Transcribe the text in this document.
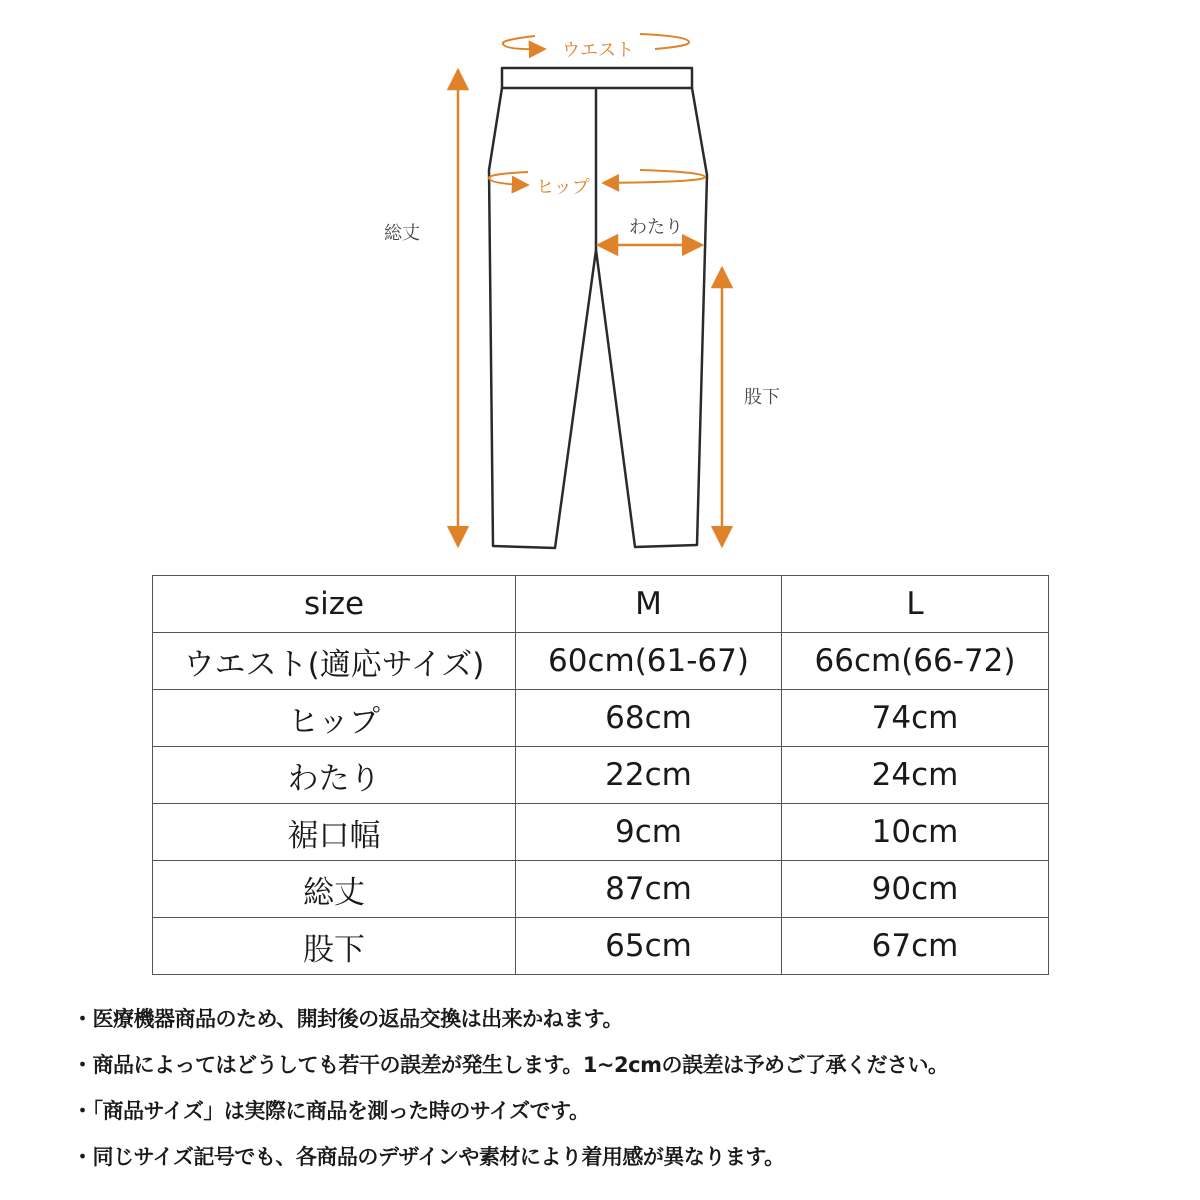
ウエスト
ヒップ
わたり
総丈
股下
size	M	L
ウエスト(適応サイズ)	60cm(61-67)	66cm(66-72)
ヒップ	68cm	74cm
わたり	22cm	24cm
裾口幅	9cm	10cm
総丈	87cm	90cm
股下	65cm	67cm
・医療機器商品のため、開封後の返品交換は出来かねます。
・商品によってはどうしても若干の誤差が発生します。1~2cmの誤差は予めご了承ください。
・「商品サイズ」は実際に商品を測った時のサイズです。
・同じサイズ記号でも、各商品のデザインや素材により着用感が異なります。
